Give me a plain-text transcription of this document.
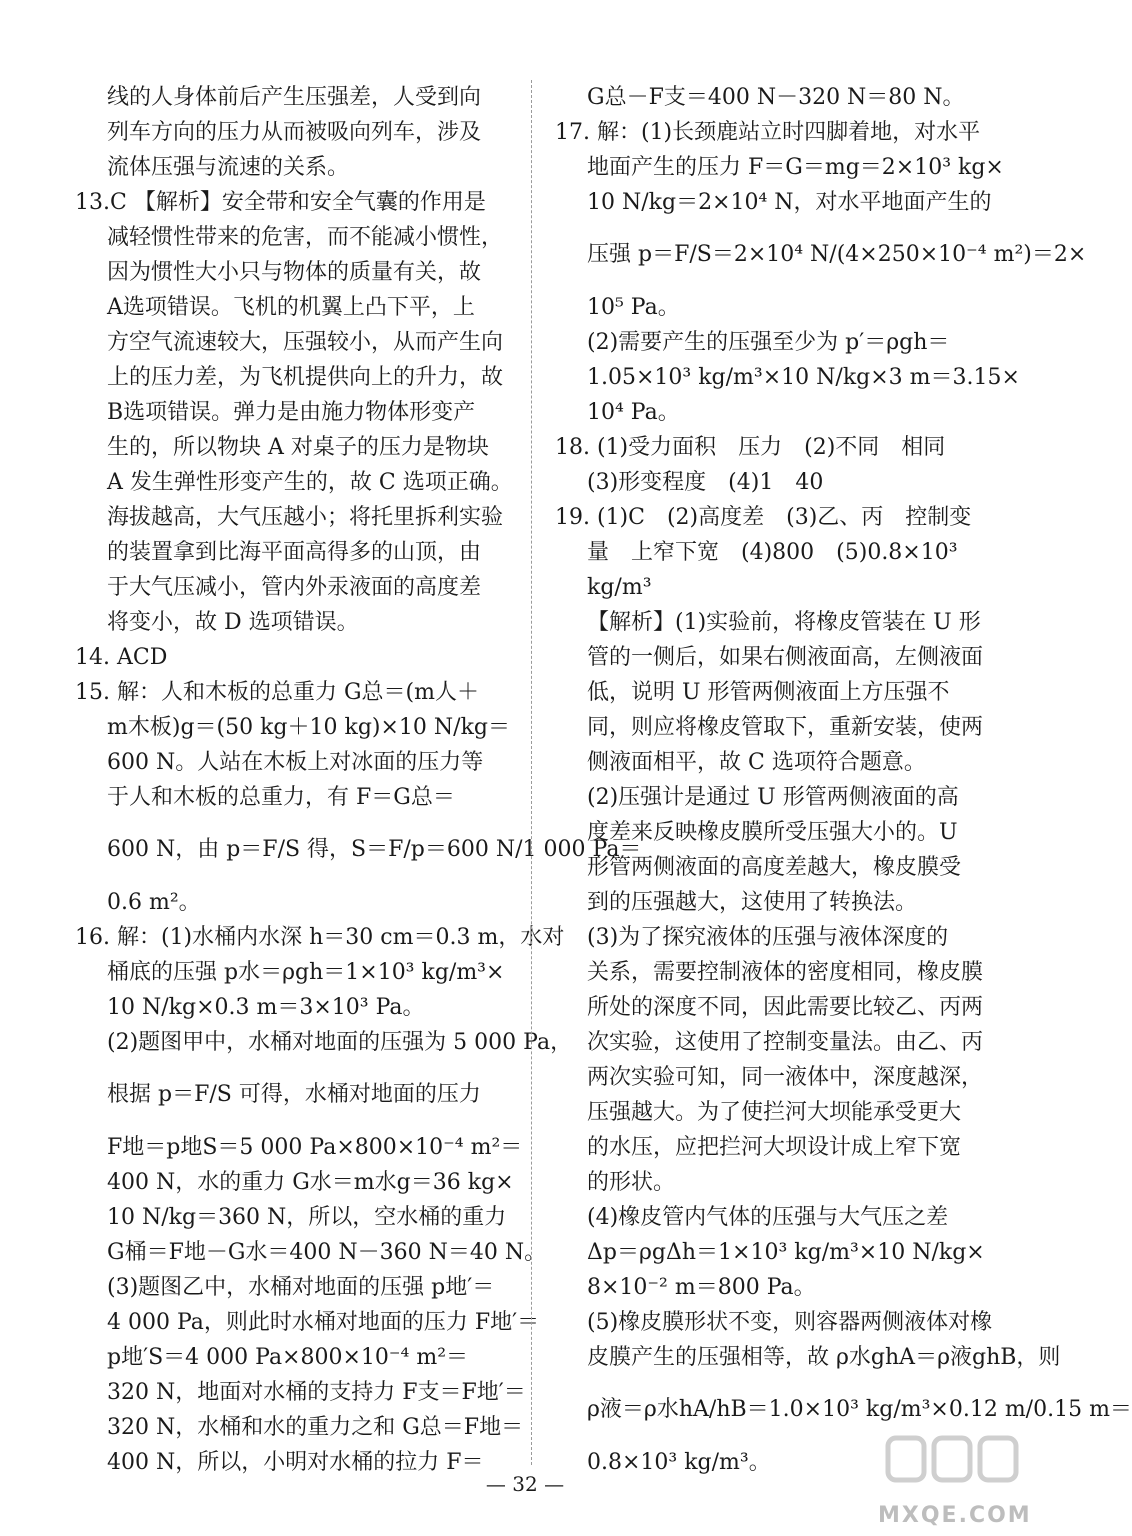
线的人身体前后产生压强差，人受到向
列车方向的压力从而被吸向列车，涉及
流体压强与流速的关系。
13.C 【解析】安全带和安全气囊的作用是
减轻惯性带来的危害，而不能减小惯性，
因为惯性大小只与物体的质量有关，故
A选项错误。飞机的机翼上凸下平，上
方空气流速较大，压强较小，从而产生向
上的压力差，为飞机提供向上的升力，故
B选项错误。弹力是由施力物体形变产
生的，所以物块 A 对桌子的压力是物块
A 发生弹性形变产生的，故 C 选项正确。
海拔越高，大气压越小；将托里拆利实验
的装置拿到比海平面高得多的山顶，由
于大气压减小，管内外汞液面的高度差
将变小，故 D 选项错误。
14. ACD
15. 解：人和木板的总重力 G总＝(m人＋
m木板)g＝(50 kg＋10 kg)×10 N/kg＝
600 N。人站在木板上对冰面的压力等
于人和木板的总重力，有 F＝G总＝
600 N，由 p＝F/S 得，S＝F/p＝600 N/1 000 Pa＝
0.6 m²。
16. 解：(1)水桶内水深 h＝30 cm＝0.3 m，水对
桶底的压强 p水＝ρgh＝1×10³ kg/m³×
10 N/kg×0.3 m＝3×10³ Pa。
(2)题图甲中，水桶对地面的压强为 5 000 Pa，
根据 p＝F/S 可得，水桶对地面的压力
F地＝p地S＝5 000 Pa×800×10⁻⁴ m²＝
400 N，水的重力 G水＝m水g＝36 kg×
10 N/kg＝360 N，所以，空水桶的重力
G桶＝F地－G水＝400 N－360 N＝40 N。
(3)题图乙中，水桶对地面的压强 p地′＝
4 000 Pa，则此时水桶对地面的压力 F地′＝
p地′S＝4 000 Pa×800×10⁻⁴ m²＝
320 N，地面对水桶的支持力 F支＝F地′＝
320 N，水桶和水的重力之和 G总＝F地＝
400 N，所以，小明对水桶的拉力 F＝
G总－F支＝400 N－320 N＝80 N。
17. 解：(1)长颈鹿站立时四脚着地，对水平
地面产生的压力 F＝G＝mg＝2×10³ kg×
10 N/kg＝2×10⁴ N，对水平地面产生的
压强 p＝F/S＝2×10⁴ N/(4×250×10⁻⁴ m²)＝2×
10⁵ Pa。
(2)需要产生的压强至少为 p′＝ρgh＝
1.05×10³ kg/m³×10 N/kg×3 m＝3.15×
10⁴ Pa。
18. (1)受力面积　压力　(2)不同　相同
(3)形变程度　(4)1　40
19. (1)C　(2)高度差　(3)乙、丙　控制变
量　上窄下宽　(4)800　(5)0.8×10³
kg/m³
【解析】(1)实验前，将橡皮管装在 U 形
管的一侧后，如果右侧液面高，左侧液面
低，说明 U 形管两侧液面上方压强不
同，则应将橡皮管取下，重新安装，使两
侧液面相平，故 C 选项符合题意。
(2)压强计是通过 U 形管两侧液面的高
度差来反映橡皮膜所受压强大小的。U
形管两侧液面的高度差越大，橡皮膜受
到的压强越大，这使用了转换法。
(3)为了探究液体的压强与液体深度的
关系，需要控制液体的密度相同，橡皮膜
所处的深度不同，因此需要比较乙、丙两
次实验，这使用了控制变量法。由乙、丙
两次实验可知，同一液体中，深度越深，
压强越大。为了使拦河大坝能承受更大
的水压，应把拦河大坝设计成上窄下宽
的形状。
(4)橡皮管内气体的压强与大气压之差
Δp＝ρgΔh＝1×10³ kg/m³×10 N/kg×
8×10⁻² m＝800 Pa。
(5)橡皮膜形状不变，则容器两侧液体对橡
皮膜产生的压强相等，故 ρ水ghA＝ρ液ghB，则
ρ液＝ρ水hA/hB＝1.0×10³ kg/m³×0.12 m/0.15 m＝
0.8×10³ kg/m³。
— 32 —
MXQE.COM
